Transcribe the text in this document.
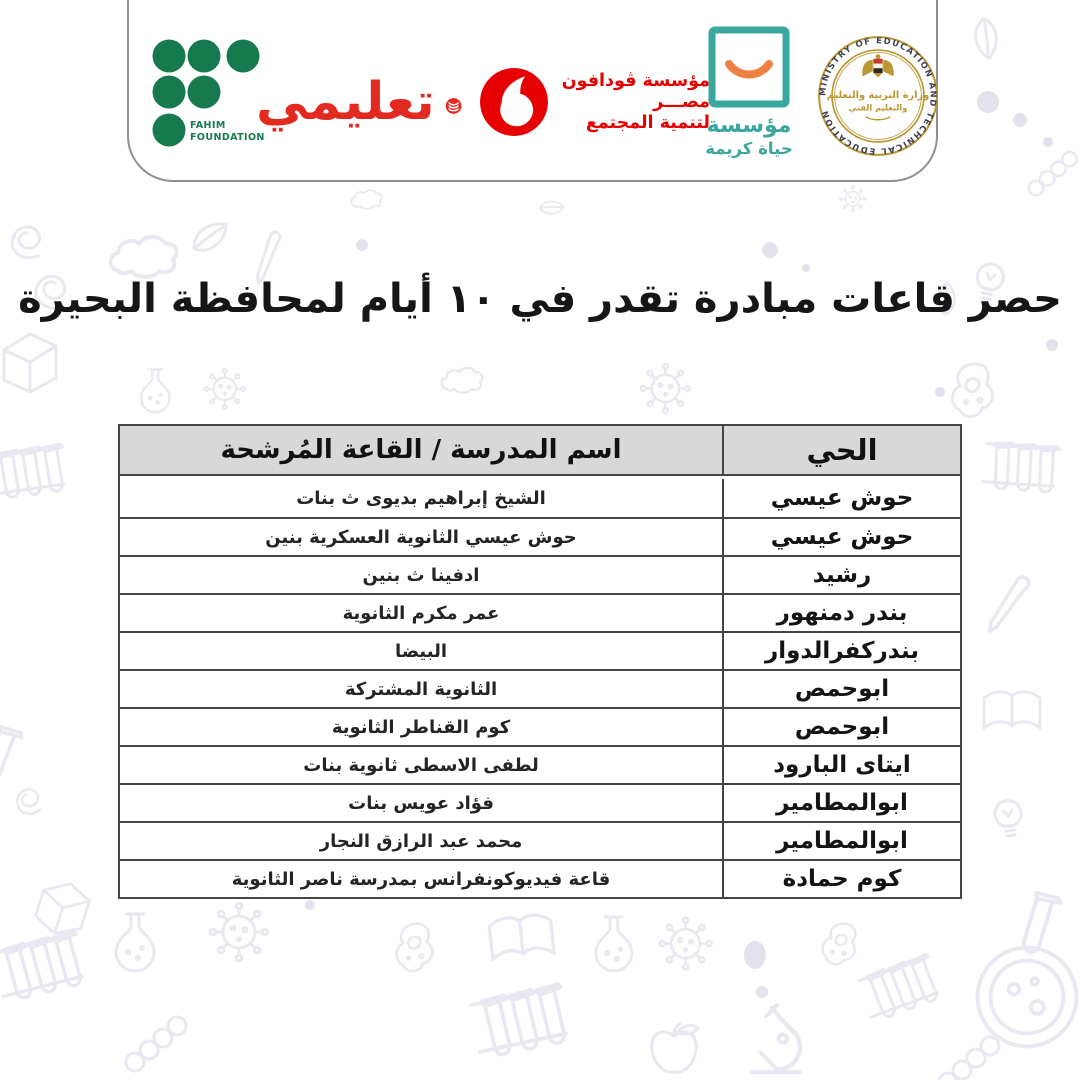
FAHIM
FOUNDATION
تعليمي	مؤسسة ڤودافون
مصـــر
لتنمية المجتمع
مؤسسة
حياة كريمة
MINISTRY OF EDUCATION AND TECHNICAL EDUCATION
وزارة التربية والتعليم
والتعليم الفني
حصر قاعات مبادرة تقدر في ١٠ أيام لمحافظة البحيرة
الحي
اسم المدرسة / القاعة المُرشحة
حوش عيسي
الشيخ إبراهيم بديوى ث بنات
حوش عيسي
حوش عيسي الثانوية العسكرية بنين
رشيد
ادفينا ث بنين
بندر دمنهور
عمر مكرم الثانوية
بندركفرالدوار
البيضا
ابوحمص
الثانوية المشتركة
ابوحمص
كوم القناطر الثانوية
ايتاى البارود
لطفى الاسطى ثانوية بنات
ابوالمطامير
فؤاد عويس بنات
ابوالمطامير
محمد عبد الرازق النجار
كوم حمادة
قاعة فيديوكونفرانس بمدرسة ناصر الثانوية
